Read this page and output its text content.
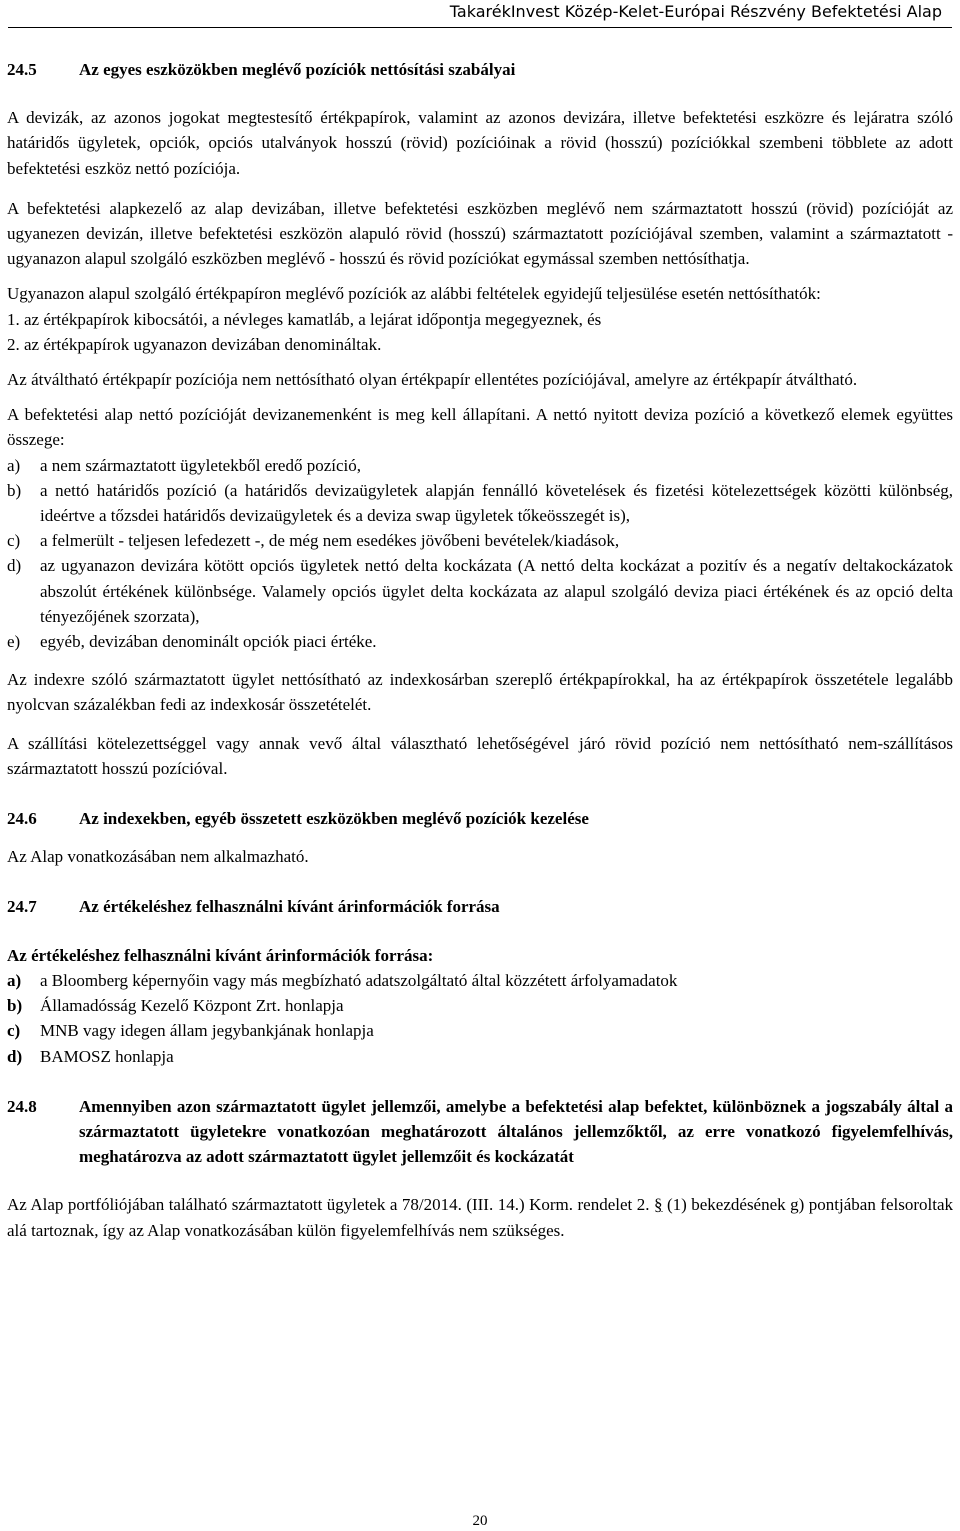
TakarékInvest Közép-Kelet-Európai Részvény Befektetési Alap
24.5	Az egyes eszközökben meglévő pozíciók nettósítási szabályai

A devizák, az azonos jogokat megtestesítő értékpapírok, valamint az azonos devizára, illetve befektetési eszközre és lejáratra szóló határidős ügyletek, opciók, opciós utalványok hosszú (rövid) pozícióinak a rövid (hosszú) pozíciókkal szembeni többlete az adott befektetési eszköz nettó pozíciója.

A befektetési alapkezelő az alap devizában, illetve befektetési eszközben meglévő nem származtatott hosszú (rövid) pozícióját az ugyanezen devizán, illetve befektetési eszközön alapuló rövid (hosszú) származtatott pozíciójával szemben, valamint a származtatott - ugyanazon alapul szolgáló eszközben meglévő - hosszú és rövid pozíciókat egymással szemben nettósíthatja.

Ugyanazon alapul szolgáló értékpapíron meglévő pozíciók az alábbi feltételek egyidejű teljesülése esetén nettósíthatók:

1. az értékpapírok kibocsátói, a névleges kamatláb, a lejárat időpontja megegyeznek, és

2. az értékpapírok ugyanazon devizában denomináltak.

Az átváltható értékpapír pozíciója nem nettósítható olyan értékpapír ellentétes pozíciójával, amelyre az értékpapír átváltható.

A befektetési alap nettó pozícióját devizanemenként is meg kell állapítani. A nettó nyitott deviza pozíció a következő elemek együttes összege:

a)	a nem származtatott ügyletekből eredő pozíció,
b)	a nettó határidős pozíció (a határidős devizaügyletek alapján fennálló követelések és fizetési kötelezettségek közötti különbség, ideértve a tőzsdei határidős devizaügyletek és a deviza swap ügyletek tőkeösszegét is),
c)	a felmerült - teljesen lefedezett -, de még nem esedékes jövőbeni bevételek/kiadások,
d)	az ugyanazon devizára kötött opciós ügyletek nettó delta kockázata (A nettó delta kockázat a pozitív és a negatív deltakockázatok abszolút értékének különbsége. Valamely opciós ügylet delta kockázata az alapul szolgáló deviza piaci értékének és az opció delta tényezőjének szorzata),
e)	egyéb, devizában denominált opciók piaci értéke.

Az indexre szóló származtatott ügylet nettósítható az indexkosárban szereplő értékpapírokkal, ha az értékpapírok összetétele legalább nyolcvan százalékban fedi az indexkosár összetételét.

A szállítási kötelezettséggel vagy annak vevő által választható lehetőségével járó rövid pozíció nem nettósítható nem-szállításos származtatott hosszú pozícióval.

24.6	Az indexekben, egyéb összetett eszközökben meglévő pozíciók kezelése

Az Alap vonatkozásában nem alkalmazható.

24.7	Az értékeléshez felhasználni kívánt árinformációk forrása

Az értékeléshez felhasználni kívánt árinformációk forrása:

a)	a Bloomberg képernyőin vagy más megbízható adatszolgáltató által közzétett árfolyamadatok
b)	Államadósság Kezelő Központ Zrt. honlapja
c)	MNB vagy idegen állam jegybankjának honlapja
d)	BAMOSZ honlapja
24.8	Amennyiben azon származtatott ügylet jellemzői, amelybe a befektetési alap befektet, különböznek a jogszabály által a származtatott ügyletekre vonatkozóan meghatározott általános jellemzőktől, az erre vonatkozó figyelemfelhívás, meghatározva az adott származtatott ügylet jellemzőit és kockázatát

Az Alap portfóliójában található származtatott ügyletek a 78/2014. (III. 14.) Korm. rendelet 2. § (1) bekezdésének g) pontjában felsoroltak alá tartoznak, így az Alap vonatkozásában külön figyelemfelhívás nem szükséges.

20
